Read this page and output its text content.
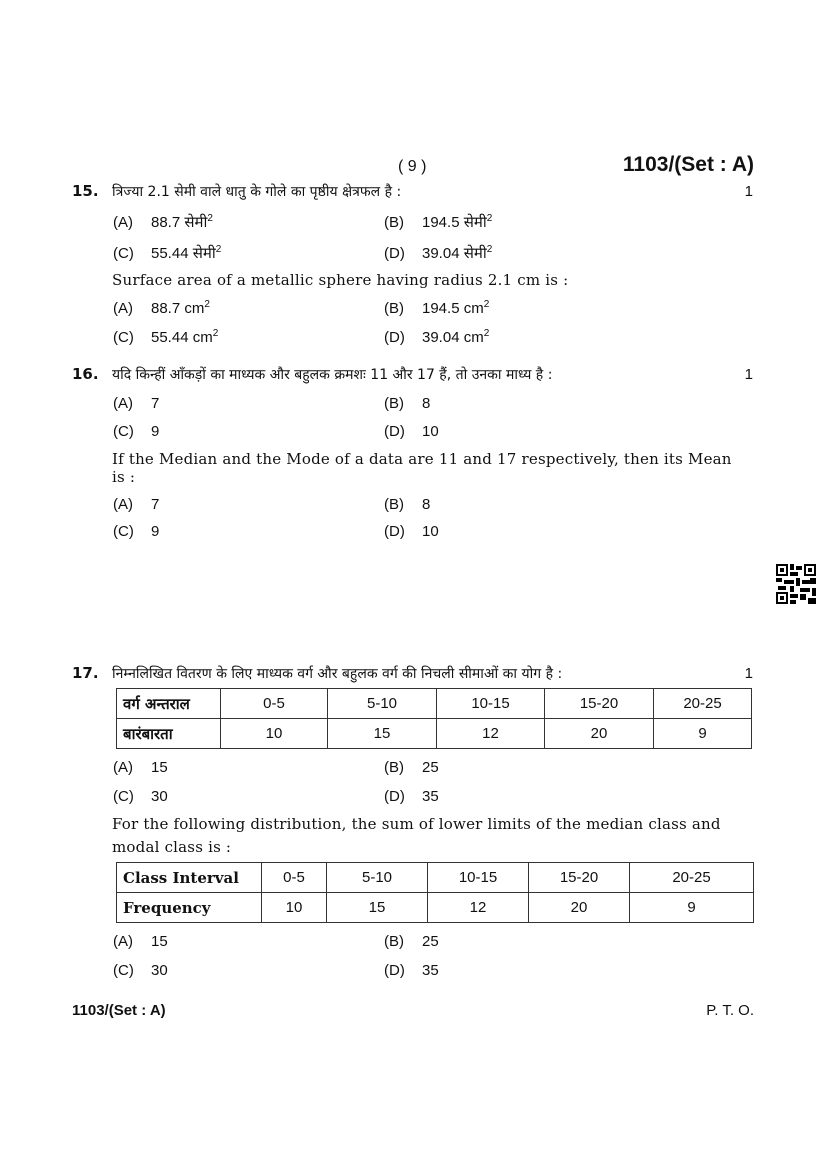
( 9 )	1103/(Set : A)
15. त्रिज्या 2.1 सेमी वाले धातु के गोले का पृष्ठीय क्षेत्रफल है :	1
(A) 88.7 सेमी$^2$	(B) 194.5 सेमी$^2$
(C) 55.44 सेमी$^2$	(D) 39.04 सेमी$^2$
Surface area of a metallic sphere having radius 2.1 cm is :
(A) 88.7 $cm^2$	(B) 194.5 $cm^2$
(C) 55.44 $cm^2$	(D) 39.04 $cm^2$
16. यदि किन्हीं आँकड़ों का माध्यक और बहुलक क्रमशः 11 और 17 हैं, तो उनका माध्य है :	1
(A) 7	(B) 8
(C) 9	(D) 10
If the Median and the Mode of a data are 11 and 17 respectively, then its Mean
is :
(A) 7	(B) 8
(C) 9	(D) 10
17. निम्नलिखित वितरण के लिए माध्यक वर्ग और बहुलक वर्ग की निचली सीमाओं का योग है :	1
वर्ग अन्तराल	0-5	5-10	10-15	15-20	20-25
बारंबारता	10	15	12	20	9
(A) 15	(B) 25
(C) 30	(D) 35
For the following distribution, the sum of lower limits of the median class and
modal class is :
Class Interval	0-5	5-10	10-15	15-20	20-25
Frequency	10	15	12	20	9
(A) 15	(B) 25
(C) 30	(D) 35
1103/(Set : A)	P. T. O.
